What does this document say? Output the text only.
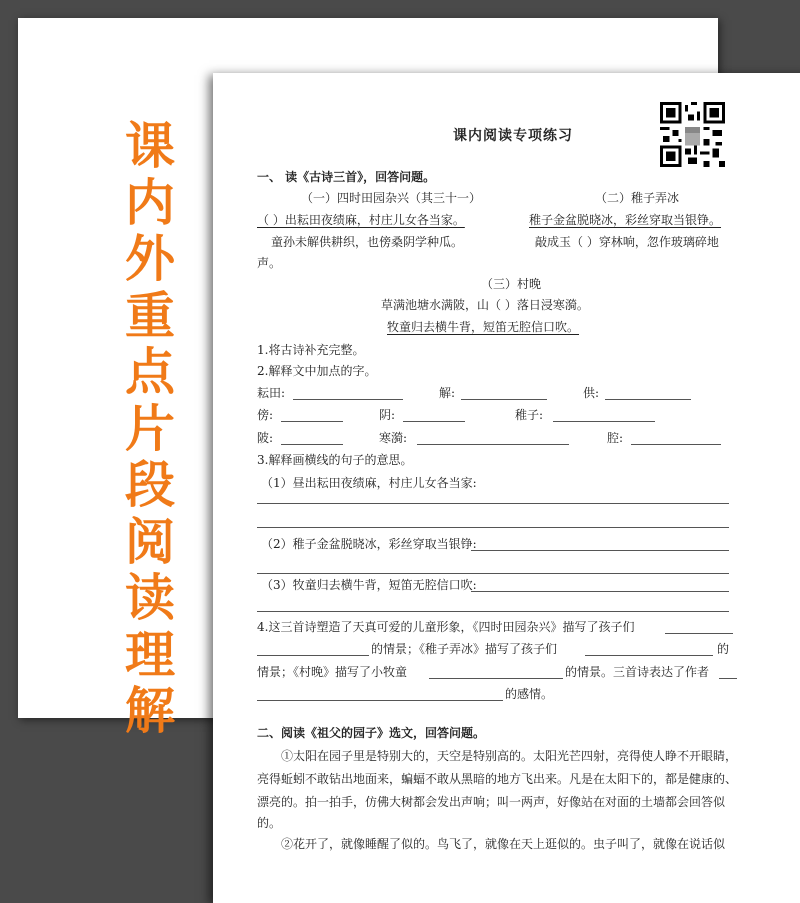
课
内
外
重
点
片
段
阅
读
理
解
课内阅读专项练习
一、 读《古诗三首》，回答问题。
（一）四时田园杂兴（其三十一）
（ ）出耘田夜绩麻，村庄儿女各当家。
童孙未解供耕织，也傍桑阴学种瓜。
（二）稚子弄冰
稚子金盆脱晓冰，彩丝穿取当银铮。
敲成玉（ ）穿林响，忽作玻璃碎地
声。
（三）村晚
草满池塘水满陂，山（ ）落日浸寒漪。
牧童归去横牛背，短笛无腔信口吹。
1.将古诗补充完整。
2.解释文中加点的字。
耘田:	解:	供:
傍:	阴:	稚子:
陂:	寒漪:	腔:
3.解释画横线的句子的意思。
（1）昼出耘田夜绩麻，村庄儿女各当家:
（2）稚子金盆脱晓冰，彩丝穿取当银铮:
（3）牧童归去横牛背，短笛无腔信口吹:
4.这三首诗塑造了天真可爱的儿童形象，《四时田园杂兴》描写了孩子们
的情景；《稚子弄冰》描写了孩子们	的
情景；《村晚》描写了小牧童	的情景。三首诗表达了作者
的感情。
二、阅读《祖父的园子》选文，回答问题。
①太阳在园子里是特别大的，天空是特别高的。太阳光芒四射，亮得使人睁不开眼睛，
亮得蚯蚓不敢钻出地面来，蝙蝠不敢从黑暗的地方飞出来。凡是在太阳下的，都是健康的、
漂亮的。拍一拍手，仿佛大树都会发出声响；叫一两声，好像站在对面的土墙都会回答似
的。
②花开了，就像睡醒了似的。鸟飞了，就像在天上逛似的。虫子叫了，就像在说话似
